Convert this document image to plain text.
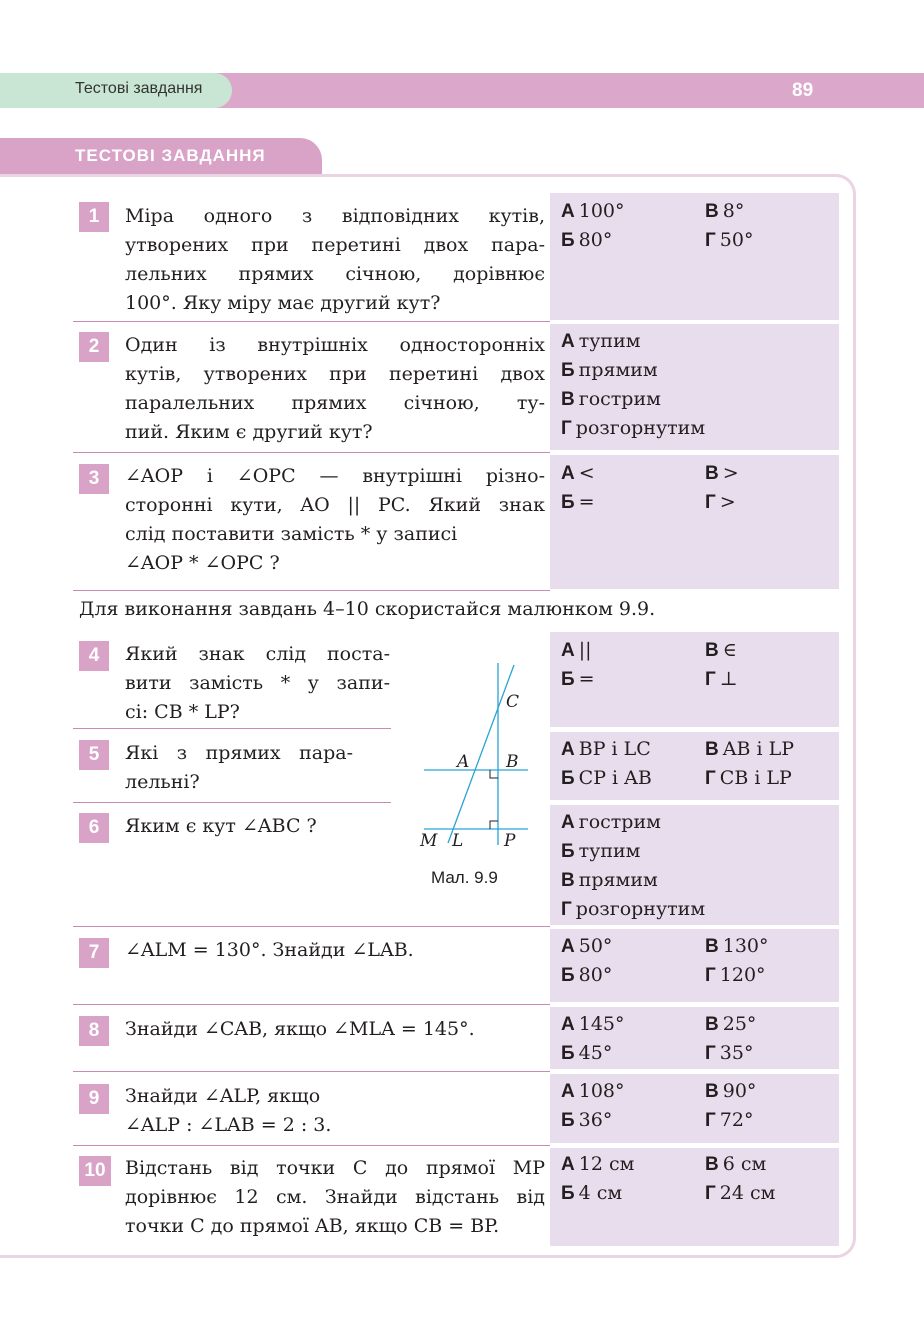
Тестові завдання	89
ТЕСТОВІ ЗАВДАННЯ
1	Міра одного з відповідних кутів,
утворених при перетині двох пара-
лельних прямих січною, дорівнює
100°. Яку міру має другий кут?
А 100°	В 8°
Б 80°	Г 50°
2	Один із внутрішніх односторонніх
кутів, утворених при перетині двох
паралельних прямих січною, ту-
пий. Яким є другий кут?
А тупим
Б прямим
В гострим
Г розгорнутим
3	∠AOP і ∠OPC — внутрішні різно-
сторонні кути, AO || PC. Який знак
слід поставити замість * у записі
∠AOP * ∠OPC ?
А <	В >
Б =	Г >
Для виконання завдань 4–10 скористайся малюнком 9.9.
4	Який знак слід поста-
вити замість * у запи-
сі: CB * LP?
А ||	В ∈
Б =	Г ⊥
5	Які з прямих пара-
лельні?
А BP і LC	В AB і LP
Б CP і AB	Г CB і LP
6	Яким є кут ∠ABC ?	А гострим
Б тупим
В прямим
Г розгорнутим
C
A B
M L P
Мал. 9.9
7	∠ALM = 130°. Знайди ∠LAB.	А 50°	В 130°
Б 80°	Г 120°
8	Знайди ∠CAB, якщо ∠MLA = 145°.	А 145°	В 25°
Б 45°	Г 35°
9	Знайди ∠ALP, якщо
∠ALP : ∠LAB = 2 : 3.
А 108°	В 90°
Б 36°	Г 72°
10 Відстань від точки C до прямої MP
дорівнює 12 см. Знайди відстань від
точки C до прямої AB, якщо CB = BP.
А 12 см	В 6 см
Б 4 см	Г 24 см
